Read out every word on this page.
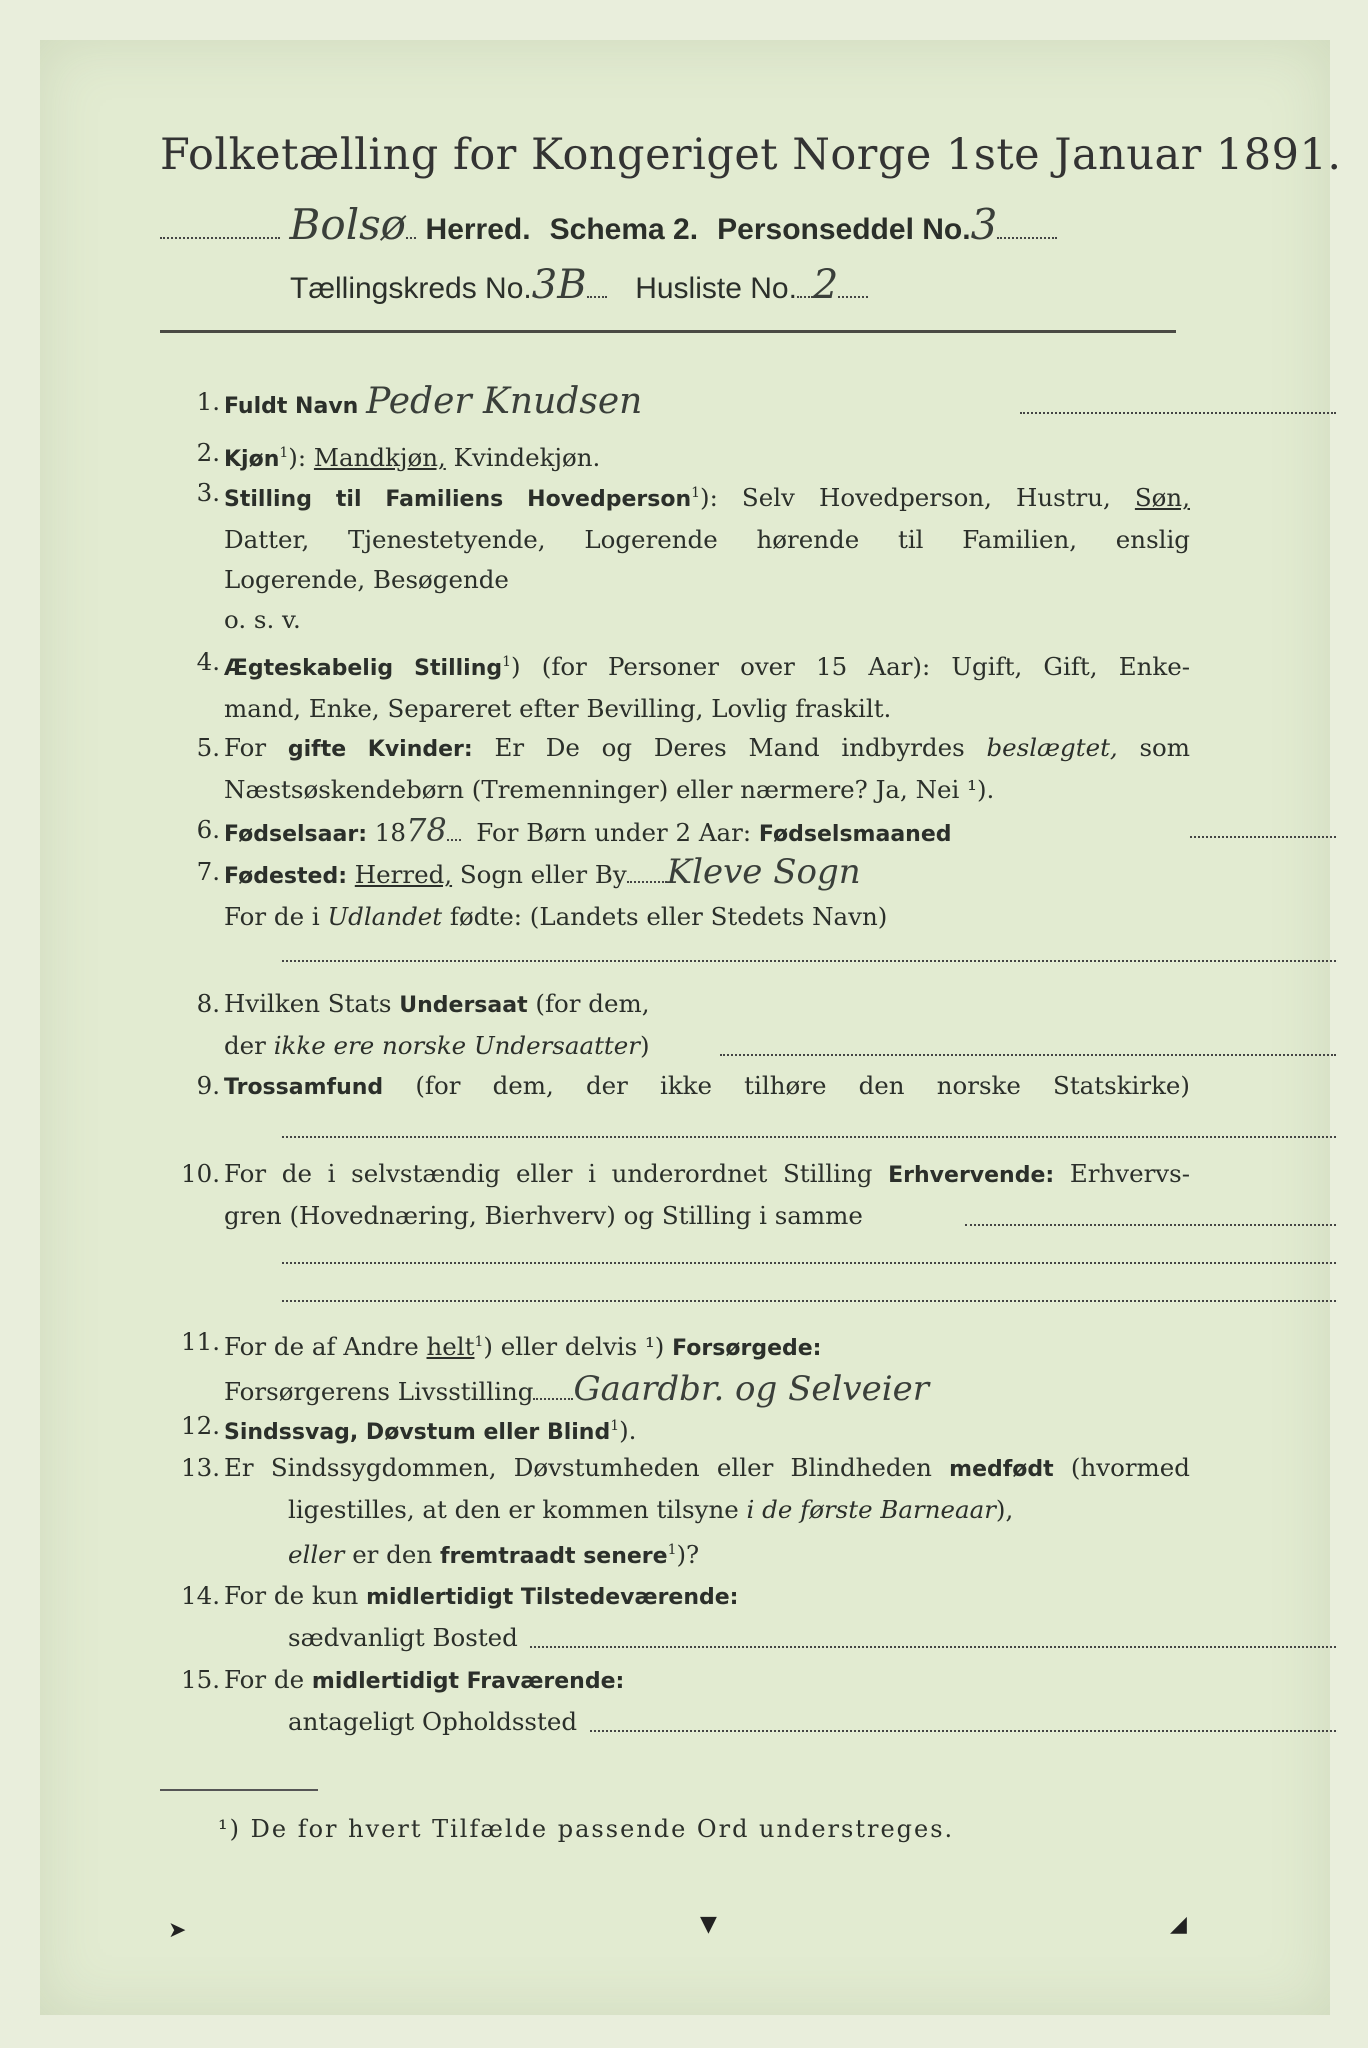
Folketælling for Kongeriget Norge 1ste Januar 1891.
Bolsø Herred. Schema 2. Personseddel No.3
Tællingskreds No.3B Husliste No. 2
1. Fuldt Navn Peder Knudsen
2. Kjøn$^1$): Mandkjøn, Kvindekjøn.
3. Stilling til Familiens Hovedperson$^1$): Selv Hovedperson, Hustru, Søn,
Datter, Tjenestetyende, Logerende hørende til Familien, enslig
Logerende, Besøgende
o. s. v.
4. Ægteskabelig Stilling$^1$) (for Personer over 15 Aar): Ugift, Gift, Enke-
mand, Enke, Separeret efter Bevilling, Lovlig fraskilt.
5. For gifte Kvinder: Er De og Deres Mand indbyrdes beslægtet, som
Næstsøskendebørn (Tremenninger) eller nærmere? Ja, Nei ¹).
6. Fødselsaar: 1878 For Børn under 2 Aar: Fødselsmaaned
7. Fødested: Herred, Sogn eller By Kleve Sogn
For de i Udlandet fødte: (Landets eller Stedets Navn)
8. Hvilken Stats Undersaat (for dem,
der ikke ere norske Undersaatter)
9. Trossamfund (for dem, der ikke tilhøre den norske Statskirke)
10. For de i selvstændig eller i underordnet Stilling Erhvervende: Erhvervs-
gren (Hovednæring, Bierhverv) og Stilling i samme
11. For de af Andre helt$^1$) eller delvis ¹) Forsørgede:
Forsørgerens Livsstilling Gaardbr. og Selveier
12. Sindssvag, Døvstum eller Blind$^1$).
13. Er Sindssygdommen, Døvstumheden eller Blindheden medfødt (hvormed
ligestilles, at den er kommen tilsyne i de første Barneaar),
eller er den fremtraadt senere$^1$)?
14. For de kun midlertidigt Tilstedeværende:
sædvanligt Bosted
15. For de midlertidigt Fraværende:
antageligt Opholdssted
¹) De for hvert Tilfælde passende Ord understreges.
➤	▼	◢
